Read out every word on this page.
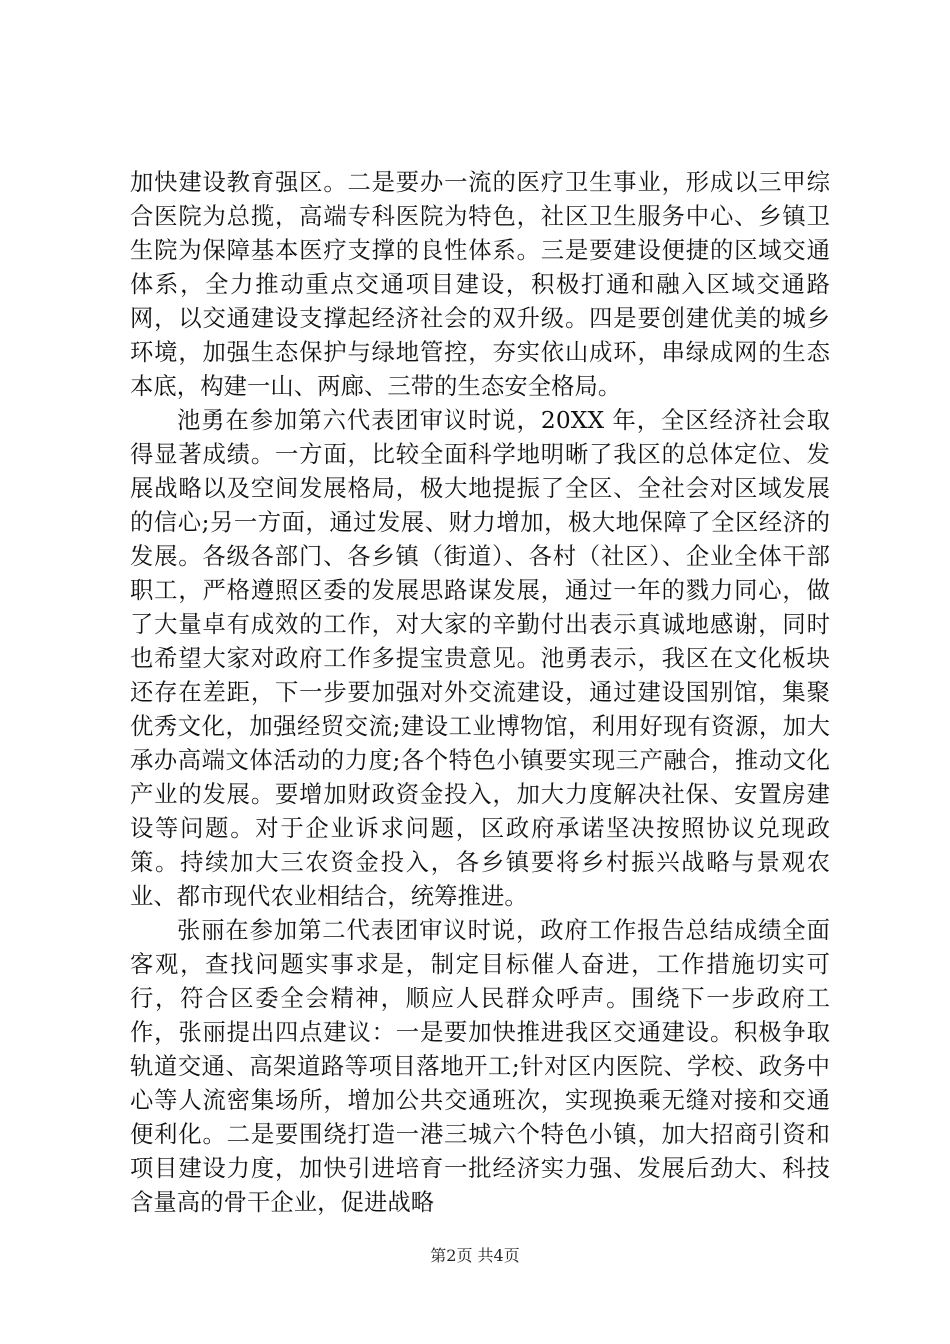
加快建设教育强区。二是要办一流的医疗卫生事业，形成以三甲综合医院为总揽，高端专科医院为特色，社区卫生服务中心、乡镇卫生院为保障基本医疗支撑的良性体系。三是要建设便捷的区域交通体系，全力推动重点交通项目建设，积极打通和融入区域交通路网，以交通建设支撑起经济社会的双升级。四是要创建优美的城乡环境，加强生态保护与绿地管控，夯实依山成环，串绿成网的生态本底，构建一山、两廊、三带的生态安全格局。

池勇在参加第六代表团审议时说，20XX 年，全区经济社会取得显著成绩。一方面，比较全面科学地明晰了我区的总体定位、发展战略以及空间发展格局，极大地提振了全区、全社会对区域发展的信心;另一方面，通过发展、财力增加，极大地保障了全区经济的发展。各级各部门、各乡镇（街道）、各村（社区）、企业全体干部职工，严格遵照区委的发展思路谋发展，通过一年的戮力同心，做了大量卓有成效的工作，对大家的辛勤付出表示真诚地感谢，同时也希望大家对政府工作多提宝贵意见。池勇表示，我区在文化板块还存在差距，下一步要加强对外交流建设，通过建设国别馆，集聚优秀文化，加强经贸交流;建设工业博物馆，利用好现有资源，加大承办高端文体活动的力度;各个特色小镇要实现三产融合，推动文化产业的发展。要增加财政资金投入，加大力度解决社保、安置房建设等问题。对于企业诉求问题，区政府承诺坚决按照协议兑现政策。持续加大三农资金投入，各乡镇要将乡村振兴战略与景观农业、都市现代农业相结合，统筹推进。

张丽在参加第二代表团审议时说，政府工作报告总结成绩全面客观，查找问题实事求是，制定目标催人奋进，工作措施切实可行，符合区委全会精神，顺应人民群众呼声。围绕下一步政府工作，张丽提出四点建议：一是要加快推进我区交通建设。积极争取轨道交通、高架道路等项目落地开工;针对区内医院、学校、政务中心等人流密集场所，增加公共交通班次，实现换乘无缝对接和交通便利化。二是要围绕打造一港三城六个特色小镇，加大招商引资和项目建设力度，加快引进培育一批经济实力强、发展后劲大、科技含量高的骨干企业，促进战略

第2页 共4页
